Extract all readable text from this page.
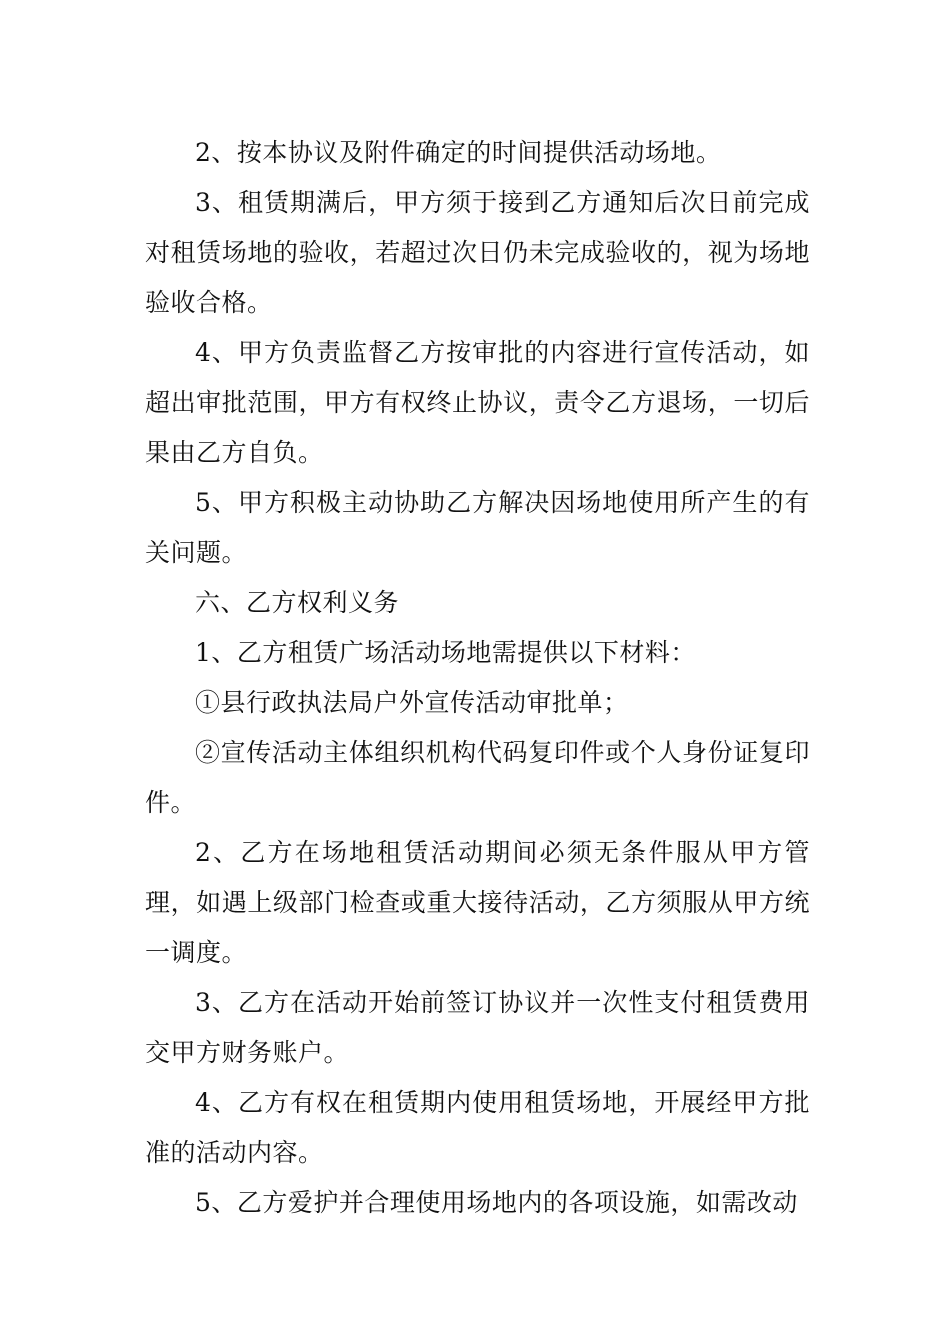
2、按本协议及附件确定的时间提供活动场地。

3、租赁期满后，甲方须于接到乙方通知后次日前完成对租赁场地的验收，若超过次日仍未完成验收的，视为场地验收合格。

4、甲方负责监督乙方按审批的内容进行宣传活动，如超出审批范围，甲方有权终止协议，责令乙方退场，一切后果由乙方自负。

5、甲方积极主动协助乙方解决因场地使用所产生的有关问题。

六、乙方权利义务

1、乙方租赁广场活动场地需提供以下材料：

①县行政执法局户外宣传活动审批单；

②宣传活动主体组织机构代码复印件或个人身份证复印件。

2、乙方在场地租赁活动期间必须无条件服从甲方管理，如遇上级部门检查或重大接待活动，乙方须服从甲方统一调度。

3、乙方在活动开始前签订协议并一次性支付租赁费用交甲方财务账户。

4、乙方有权在租赁期内使用租赁场地，开展经甲方批准的活动内容。

5、乙方爱护并合理使用场地内的各项设施，如需改动
